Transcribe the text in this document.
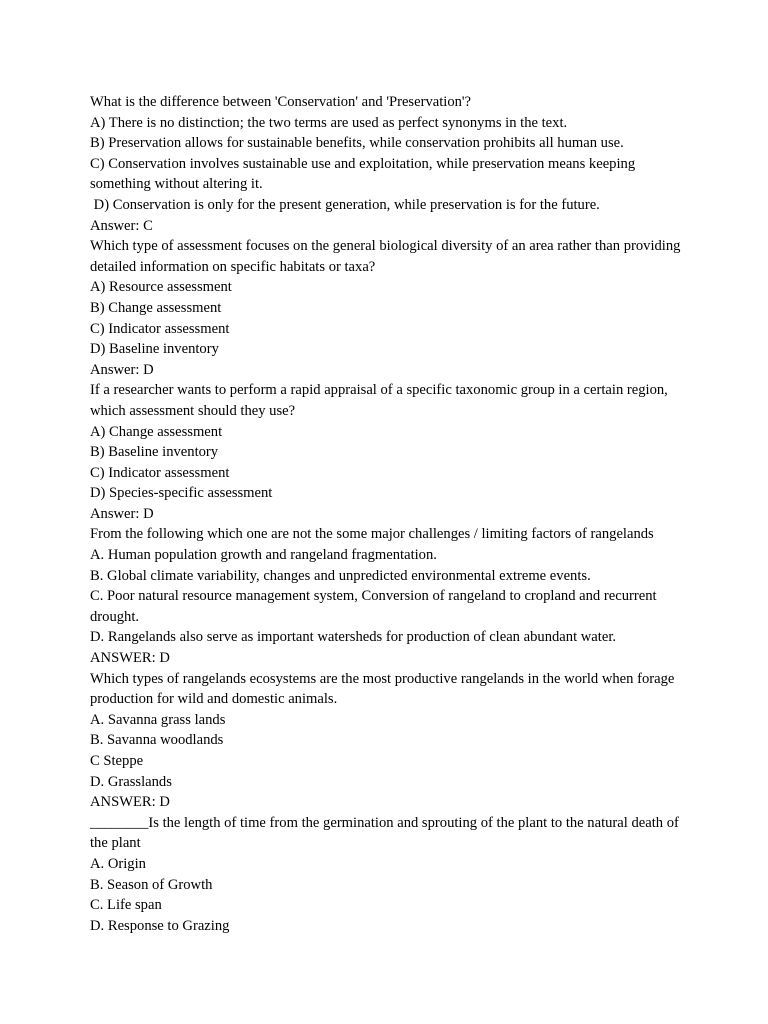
What is the difference between 'Conservation' and 'Preservation'?

A) There is no distinction; the two terms are used as perfect synonyms in the text.

B) Preservation allows for sustainable benefits, while conservation prohibits all human use.

C) Conservation involves sustainable use and exploitation, while preservation means keeping something without altering it.

D) Conservation is only for the present generation, while preservation is for the future.

Answer: C

Which type of assessment focuses on the general biological diversity of an area rather than providing detailed information on specific habitats or taxa?

A) Resource assessment

B) Change assessment

C) Indicator assessment

D) Baseline inventory

Answer: D

If a researcher wants to perform a rapid appraisal of a specific taxonomic group in a certain region, which assessment should they use?

A) Change assessment

B) Baseline inventory

C) Indicator assessment

D) Species-specific assessment

Answer: D

From the following which one are not the some major challenges / limiting factors of rangelands

A. Human population growth and rangeland fragmentation.

B. Global climate variability, changes and unpredicted environmental extreme events.

C. Poor natural resource management system, Conversion of rangeland to cropland and recurrent drought.

D. Rangelands also serve as important watersheds for production of clean abundant water.

ANSWER: D

Which types of rangelands ecosystems are the most productive rangelands in the world when forage production for wild and domestic animals.

A. Savanna grass lands

B. Savanna woodlands

C Steppe

D. Grasslands

ANSWER: D

________Is the length of time from the germination and sprouting of the plant to the natural death of the plant

A. Origin

B. Season of Growth

C. Life span

D. Response to Grazing
